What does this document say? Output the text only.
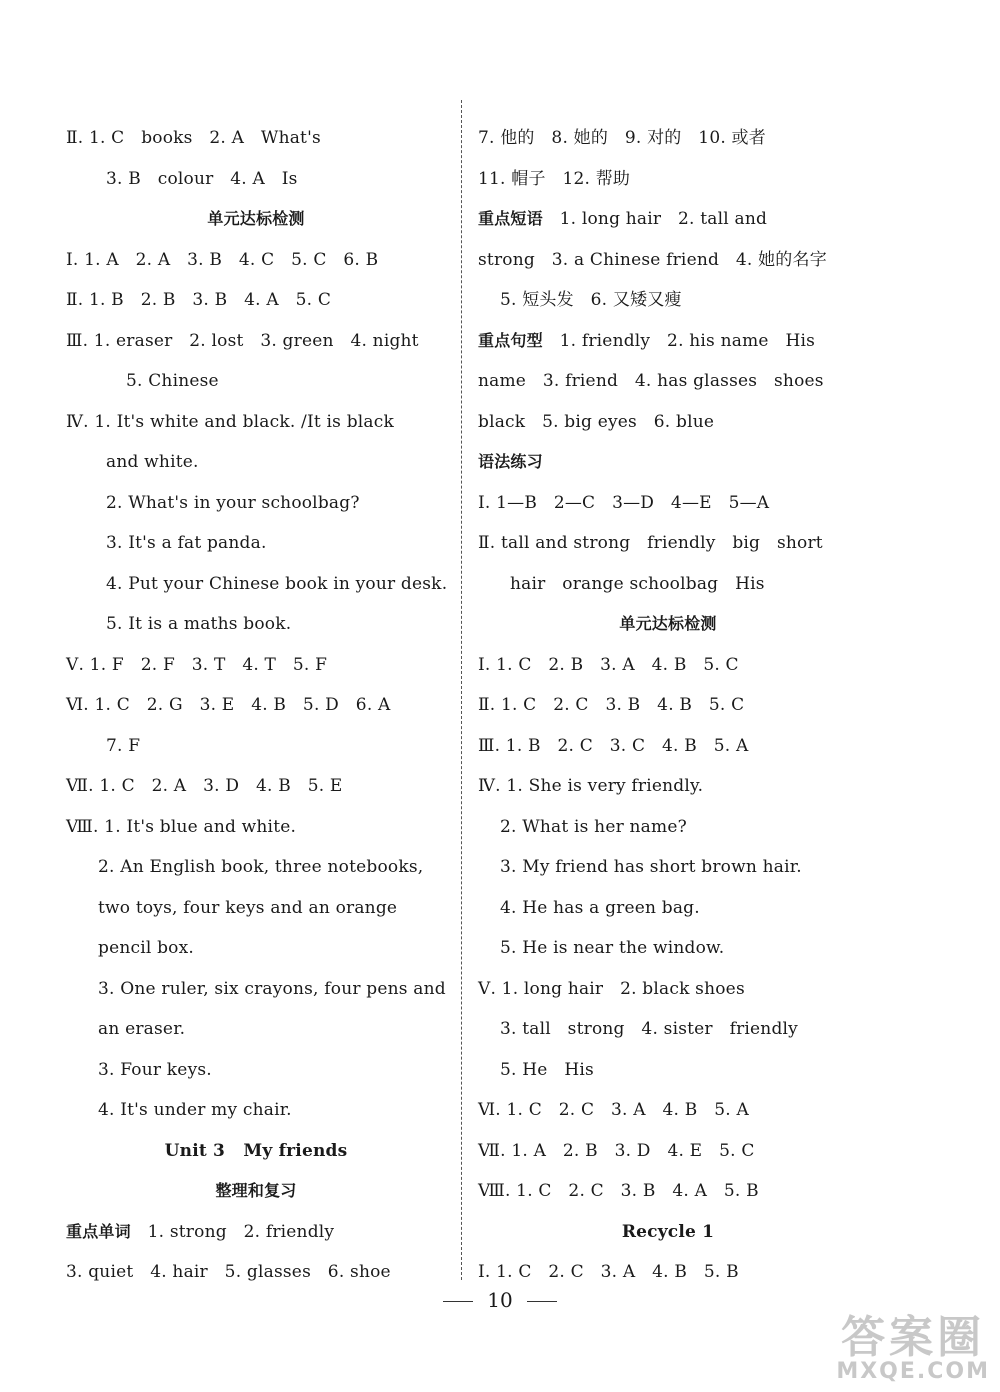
Ⅱ. 1. C   books   2. A   What's
3. B   colour   4. A   Is
单元达标检测
Ⅰ. 1. A   2. A   3. B   4. C   5. C   6. B
Ⅱ. 1. B   2. B   3. B   4. A   5. C
Ⅲ. 1. eraser   2. lost   3. green   4. night
5. Chinese
Ⅳ. 1. It's white and black. /It is black
and white.
2. What's in your schoolbag?
3. It's a fat panda.
4. Put your Chinese book in your desk.
5. It is a maths book.
Ⅴ. 1. F   2. F   3. T   4. T   5. F
Ⅵ. 1. C   2. G   3. E   4. B   5. D   6. A
7. F
Ⅶ. 1. C   2. A   3. D   4. B   5. E
Ⅷ. 1. It's blue and white.
2. An English book, three notebooks,
two toys, four keys and an orange
pencil box.
3. One ruler, six crayons, four pens and
an eraser.
3. Four keys.
4. It's under my chair.
Unit 3   My friends
整理和复习
重点单词 1. strong   2. friendly
3. quiet   4. hair   5. glasses   6. shoe
7. 他的   8. 她的   9. 对的   10. 或者
11. 帽子   12. 帮助
重点短语 1. long hair   2. tall and
strong   3. a Chinese friend   4. 她的名字
5. 短头发   6. 又矮又瘦
重点句型 1. friendly   2. his name   His
name   3. friend   4. has glasses   shoes
black   5. big eyes   6. blue
语法练习
Ⅰ. 1—B   2—C   3—D   4—E   5—A
Ⅱ. tall and strong   friendly   big   short
hair   orange schoolbag   His
单元达标检测
Ⅰ. 1. C   2. B   3. A   4. B   5. C
Ⅱ. 1. C   2. C   3. B   4. B   5. C
Ⅲ. 1. B   2. C   3. C   4. B   5. A
Ⅳ. 1. She is very friendly.
2. What is her name?
3. My friend has short brown hair.
4. He has a green bag.
5. He is near the window.
Ⅴ. 1. long hair   2. black shoes
3. tall   strong   4. sister   friendly
5. He   His
Ⅵ. 1. C   2. C   3. A   4. B   5. A
Ⅶ. 1. A   2. B   3. D   4. E   5. C
Ⅷ. 1. C   2. C   3. B   4. A   5. B
Recycle 1
Ⅰ. 1. C   2. C   3. A   4. B   5. B
10
答案圈
MXQE.COM
